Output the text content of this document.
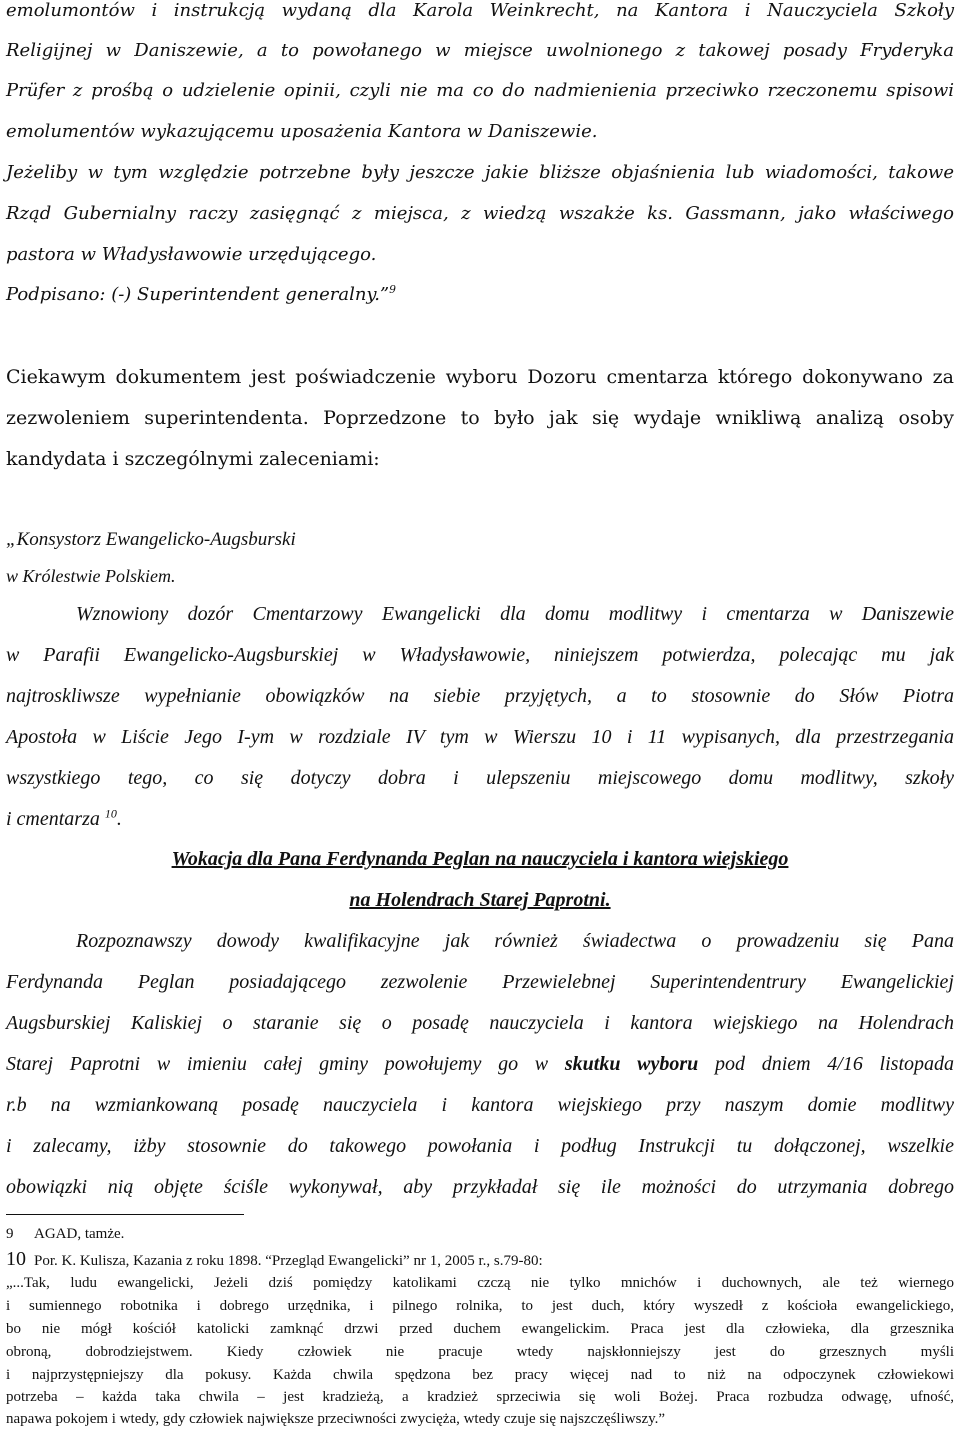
emolumontów i instrukcją wydaną dla Karola Weinkrecht, na Kantora i Nauczyciela Szkoły
Religijnej w Daniszewie, a to powołanego w miejsce uwolnionego z takowej posady Fryderyka
Prüfer z prośbą o udzielenie opinii, czyli nie ma co do nadmienienia przeciwko rzeczonemu spisowi
emolumentów wykazującemu uposażenia Kantora w Daniszewie.
Jeżeliby w tym względzie potrzebne były jeszcze jakie bliższe objaśnienia lub wiadomości, takowe
Rząd Gubernialny raczy zasięgnąć z miejsca, z wiedzą wszakże ks. Gassmann, jako właściwego
pastora w Władysławowie urzędującego.
Podpisano: (-) Superintendent generalny.”$^9$
Ciekawym dokumentem jest poświadczenie wyboru Dozoru cmentarza którego dokonywano za
zezwoleniem superintendenta. Poprzedzone to było jak się wydaje wnikliwą analizą osoby
kandydata i szczególnymi zaleceniami:
„Konsystorz Ewangelicko-Augsburski
w Królestwie Polskiem.
Wznowiony dozór Cmentarzowy Ewangelicki dla domu modlitwy i cmentarza w Daniszewie
w Parafii Ewangelicko-Augsburskiej w Władysławowie, niniejszem potwierdza, polecając mu jak
najtroskliwsze wypełnianie obowiązków na siebie przyjętych, a to stosownie do Słów Piotra
Apostoła w Liście Jego I-ym w rozdziale IV tym w Wierszu 10 i 11 wypisanych, dla przestrzegania
wszystkiego tego, co się dotyczy dobra i ulepszeniu miejscowego domu modlitwy, szkoły
i cmentarza $^{10}$.
Wokacja dla Pana Ferdynanda Peglan na nauczyciela i kantora wiejskiego
na Holendrach Starej Paprotni.
Rozpoznawszy dowody kwalifikacyjne jak również świadectwa o prowadzeniu się Pana
Ferdynanda Peglan posiadającego zezwolenie Przewielebnej Superintendentrury Ewangelickiej
Augsburskiej Kaliskiej o staranie się o posadę nauczyciela i kantora wiejskiego na Holendrach
Starej Paprotni w imieniu całej gminy powołujemy go w skutku wyboru pod dniem 4/16 listopada
r.b na wzmiankowaną posadę nauczyciela i kantora wiejskiego przy naszym domie modlitwy
i zalecamy, iżby stosownie do takowego powołania i podług Instrukcji tu dołączonej, wszelkie
obowiązki nią objęte ściśle wykonywał, aby przykładał się ile możności do utrzymania dobrego
9 AGAD, tamże.
10 Por. K. Kulisza, Kazania z roku 1898. “Przegląd Ewangelicki” nr 1, 2005 r., s.79-80:
„...Tak, ludu ewangelicki, Jeżeli dziś pomiędzy katolikami czczą nie tylko mnichów i duchownych, ale też wiernego
i sumiennego robotnika i dobrego urzędnika, i pilnego rolnika, to jest duch, który wyszedł z kościoła ewangelickiego,
bo nie mógł kościół katolicki zamknąć drzwi przed duchem ewangelickim. Praca jest dla człowieka, dla grzesznika
obroną, dobrodziejstwem. Kiedy człowiek nie pracuje wtedy najskłonniejszy jest do grzesznych myśli
i najprzystępniejszy dla pokusy. Każda chwila spędzona bez pracy więcej nad to niż na odpoczynek człowiekowi
potrzeba – każda taka chwila – jest kradzieżą, a kradzież sprzeciwia się woli Bożej. Praca rozbudza odwagę, ufność,
napawa pokojem i wtedy, gdy człowiek największe przeciwności zwycięża, wtedy czuje się najszczęśliwszy.”
